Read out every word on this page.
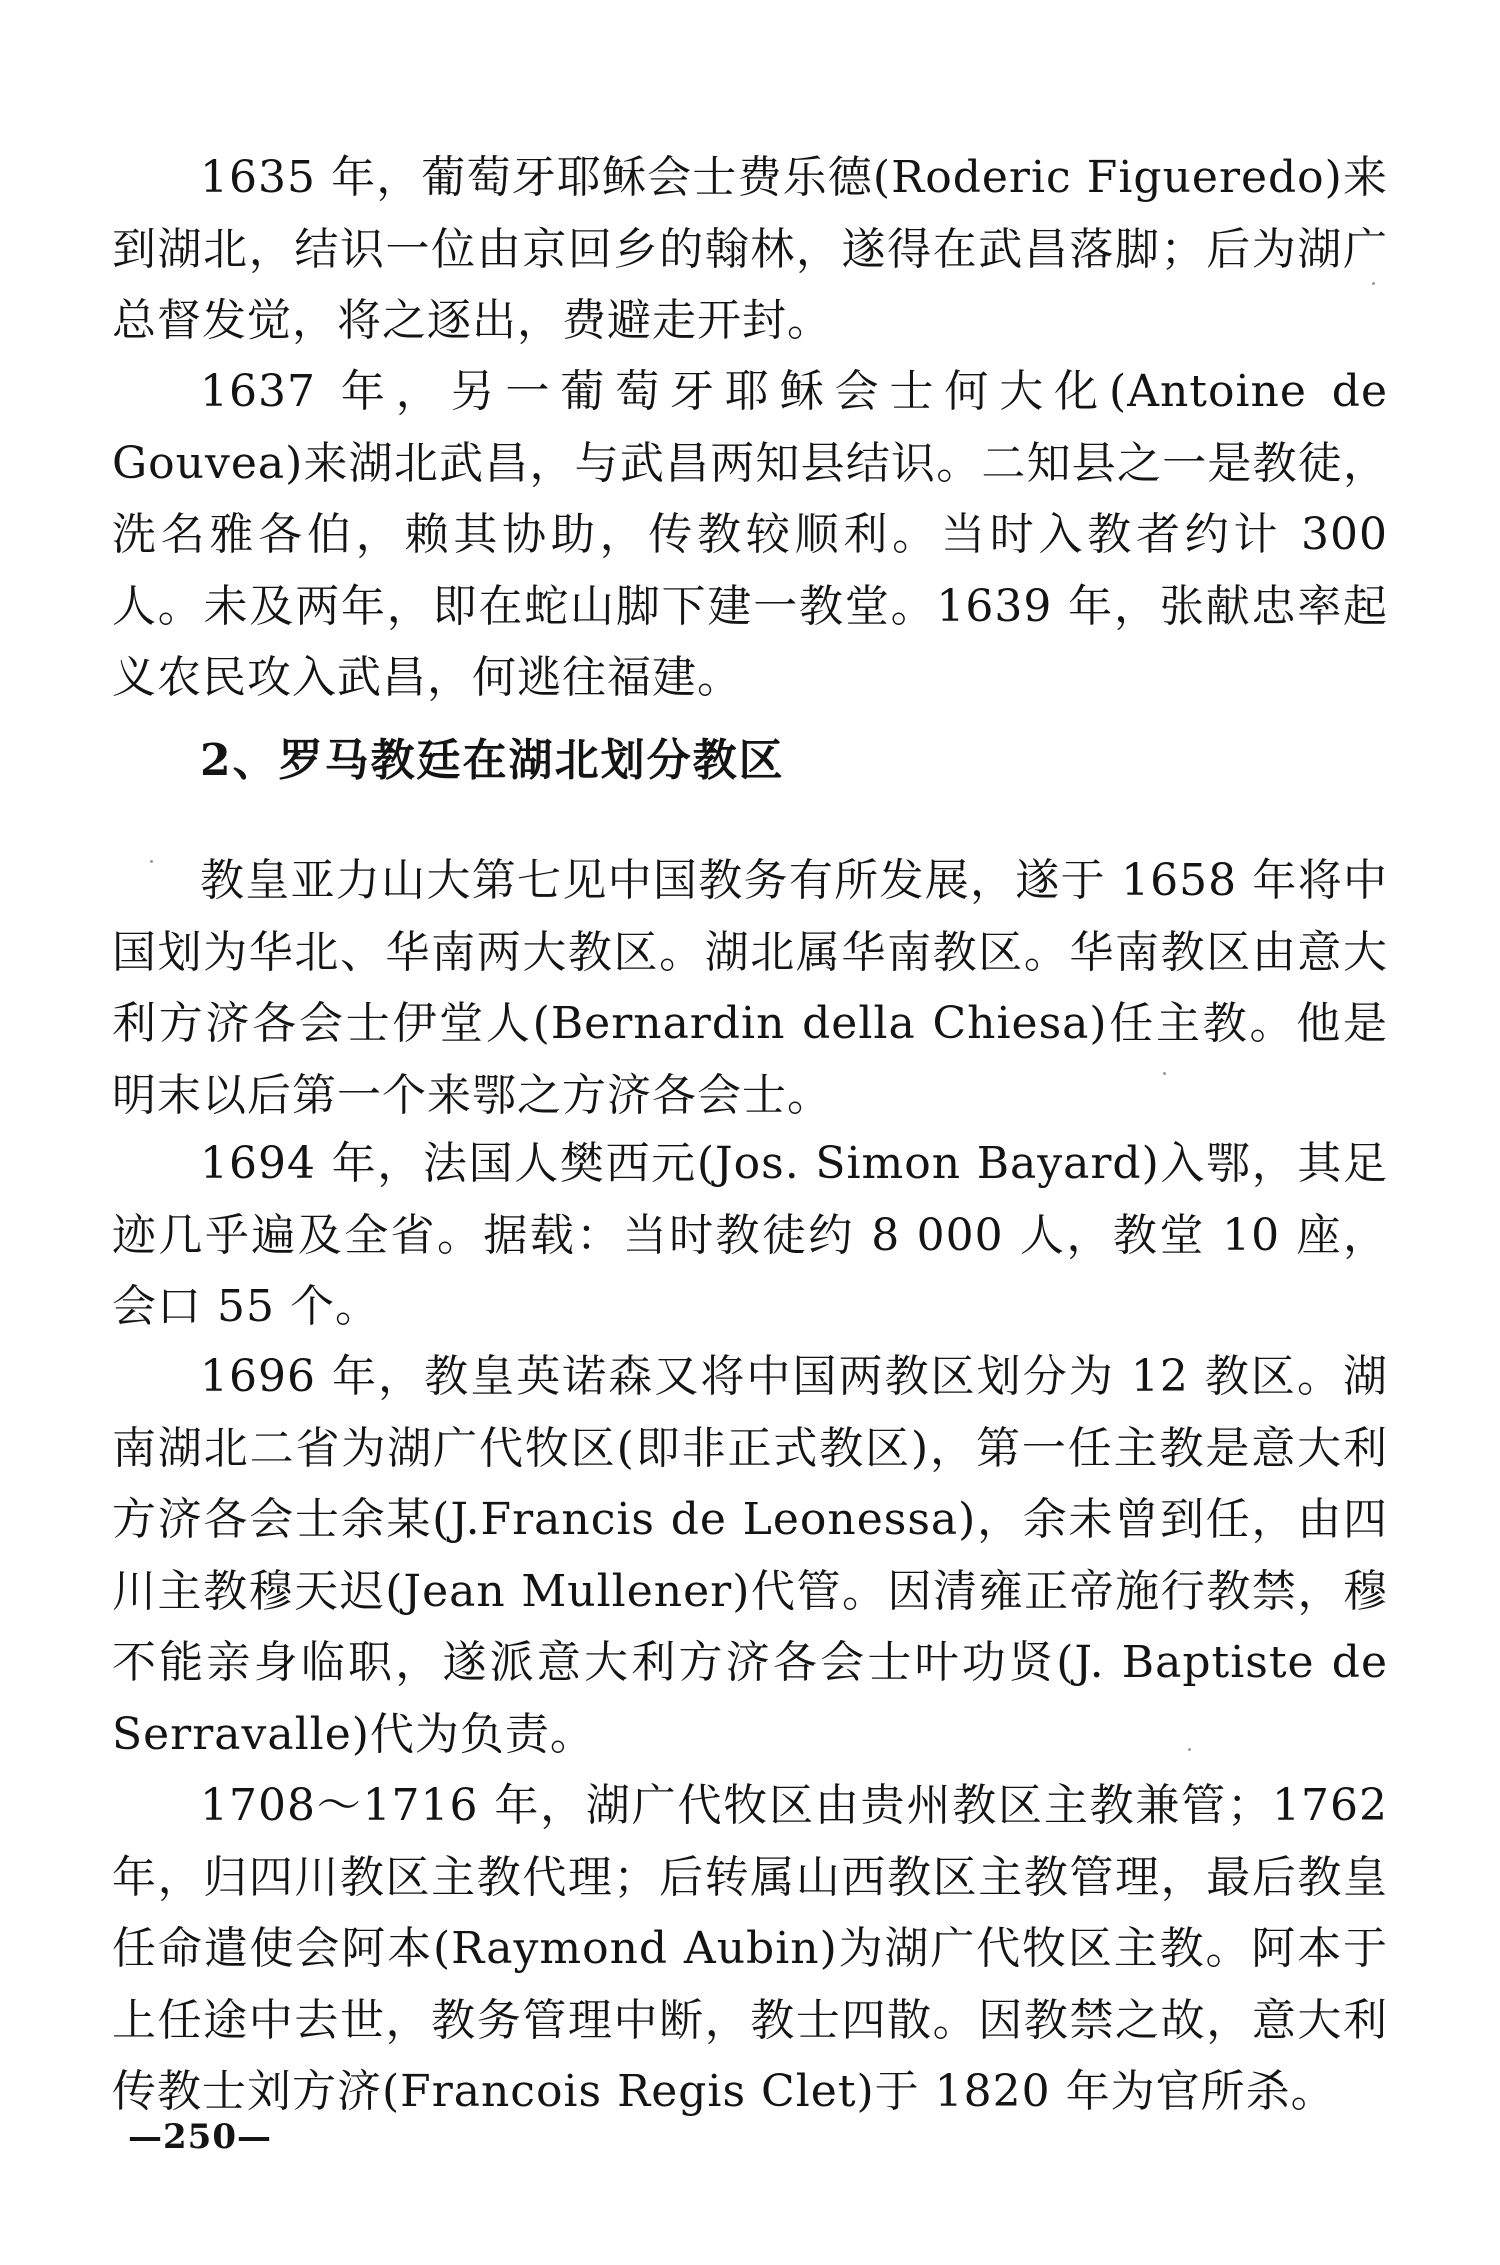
1635 年，葡萄牙耶稣会士费乐德(Roderic Figueredo)来到湖北，结识一位由京回乡的翰林，遂得在武昌落脚；后为湖广总督发觉，将之逐出，费避走开封。

1637 年，另一葡萄牙耶稣会士何大化(Antoine de Gouvea)来湖北武昌，与武昌两知县结识。二知县之一是教徒，洗名雅各伯，赖其协助，传教较顺利。当时入教者约计 300 人。未及两年，即在蛇山脚下建一教堂。1639 年，张献忠率起义农民攻入武昌，何逃往福建。

2、罗马教廷在湖北划分教区

教皇亚力山大第七见中国教务有所发展，遂于 1658 年将中国划为华北、华南两大教区。湖北属华南教区。华南教区由意大利方济各会士伊堂人(Bernardin della Chiesa)任主教。他是明末以后第一个来鄂之方济各会士。

1694 年，法国人樊西元(Jos. Simon Bayard)入鄂，其足迹几乎遍及全省。据载：当时教徒约 8 000 人，教堂 10 座，会口 55 个。

1696 年，教皇英诺森又将中国两教区划分为 12 教区。湖南湖北二省为湖广代牧区(即非正式教区)，第一任主教是意大利方济各会士余某(J.Francis de Leonessa)，余未曾到任，由四川主教穆天迟(Jean Mullener)代管。因清雍正帝施行教禁，穆不能亲身临职，遂派意大利方济各会士叶功贤(J. Baptiste de Serravalle)代为负责。

1708～1716 年，湖广代牧区由贵州教区主教兼管；1762 年，归四川教区主教代理；后转属山西教区主教管理，最后教皇任命遣使会阿本(Raymond Aubin)为湖广代牧区主教。阿本于上任途中去世，教务管理中断，教士四散。因教禁之故，意大利传教士刘方济(Francois Regis Clet)于 1820 年为官所杀。

—250—
